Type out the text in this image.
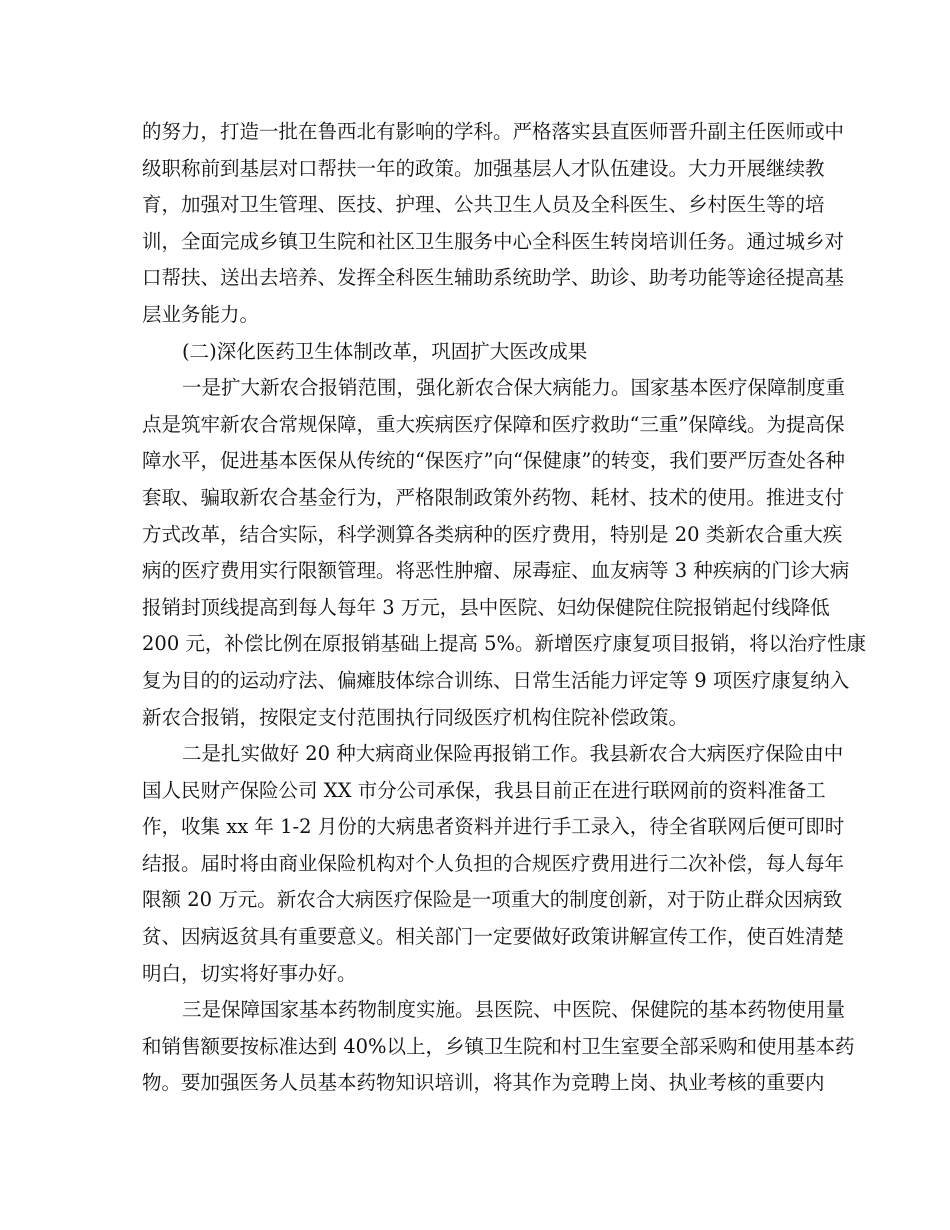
的努力，打造一批在鲁西北有影响的学科。严格落实县直医师晋升副主任医师或中
级职称前到基层对口帮扶一年的政策。加强基层人才队伍建设。大力开展继续教
育，加强对卫生管理、医技、护理、公共卫生人员及全科医生、乡村医生等的培
训，全面完成乡镇卫生院和社区卫生服务中心全科医生转岗培训任务。通过城乡对
口帮扶、送出去培养、发挥全科医生辅助系统助学、助诊、助考功能等途径提高基
层业务能力。
(二)深化医药卫生体制改革，巩固扩大医改成果
一是扩大新农合报销范围，强化新农合保大病能力。国家基本医疗保障制度重
点是筑牢新农合常规保障，重大疾病医疗保障和医疗救助“三重”保障线。为提高保
障水平，促进基本医保从传统的“保医疗”向“保健康”的转变，我们要严厉查处各种
套取、骗取新农合基金行为，严格限制政策外药物、耗材、技术的使用。推进支付
方式改革，结合实际，科学测算各类病种的医疗费用，特别是 20 类新农合重大疾
病的医疗费用实行限额管理。将恶性肿瘤、尿毒症、血友病等 3 种疾病的门诊大病
报销封顶线提高到每人每年 3 万元，县中医院、妇幼保健院住院报销起付线降低
200 元，补偿比例在原报销基础上提高 5%。新增医疗康复项目报销，将以治疗性康
复为目的的运动疗法、偏瘫肢体综合训练、日常生活能力评定等 9 项医疗康复纳入
新农合报销，按限定支付范围执行同级医疗机构住院补偿政策。
二是扎实做好 20 种大病商业保险再报销工作。我县新农合大病医疗保险由中
国人民财产保险公司 XX 市分公司承保，我县目前正在进行联网前的资料准备工
作，收集 xx 年 1-2 月份的大病患者资料并进行手工录入，待全省联网后便可即时
结报。届时将由商业保险机构对个人负担的合规医疗费用进行二次补偿，每人每年
限额 20 万元。新农合大病医疗保险是一项重大的制度创新，对于防止群众因病致
贫、因病返贫具有重要意义。相关部门一定要做好政策讲解宣传工作，使百姓清楚
明白，切实将好事办好。
三是保障国家基本药物制度实施。县医院、中医院、保健院的基本药物使用量
和销售额要按标准达到 40%以上，乡镇卫生院和村卫生室要全部采购和使用基本药
物。要加强医务人员基本药物知识培训，将其作为竞聘上岗、执业考核的重要内
